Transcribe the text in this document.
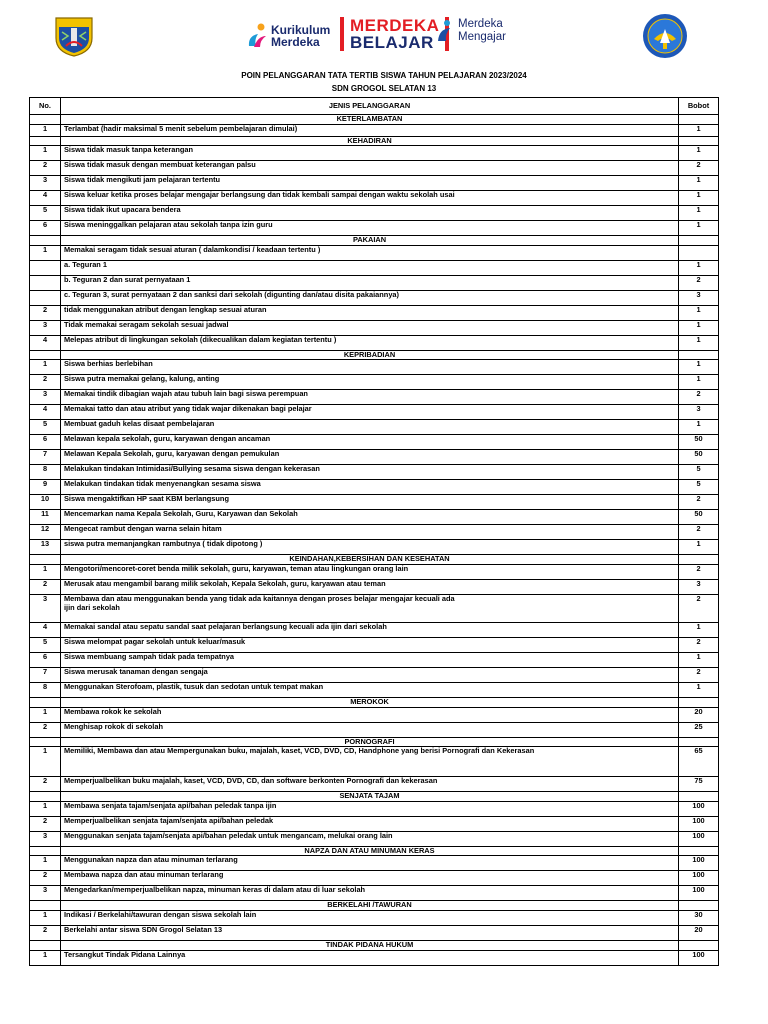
Kurikulum
Merdeka
MERDEKA
BELAJAR
Merdeka
Mengajar
POIN PELANGGARAN TATA TERTIB SISWA TAHUN PELAJARAN 2023/2024
SDN GROGOL SELATAN 13
No.	JENIS PELANGGARAN	Bobot
	KETERLAMBATAN	
1	Terlambat (hadir maksimal 5 menit sebelum pembelajaran dimulai)	1
	KEHADIRAN	
1	Siswa tidak masuk tanpa keterangan	1
2	Siswa tidak masuk dengan membuat keterangan palsu	2
3	Siswa tidak mengikuti jam pelajaran tertentu	1
4	Siswa keluar ketika proses belajar mengajar berlangsung dan tidak kembali sampai dengan waktu sekolah usai	1
5	Siswa tidak ikut upacara bendera	1
6	Siswa meninggalkan pelajaran atau sekolah tanpa izin guru	1
	PAKAIAN	
1	Memakai seragam tidak sesuai aturan ( dalamkondisi / keadaan tertentu )	
	a. Teguran 1	1
	b. Teguran 2 dan surat pernyataan 1	2
	c. Teguran 3, surat pernyataan 2 dan sanksi dari sekolah (digunting dan/atau disita pakaiannya)	3
2	tidak menggunakan atribut dengan lengkap sesuai aturan	1
3	Tidak memakai seragam sekolah sesuai jadwal	1
4	Melepas atribut di lingkungan sekolah (dikecualikan dalam kegiatan tertentu )	1
	KEPRIBADIAN	
1	Siswa berhias berlebihan	1
2	Siswa putra memakai gelang, kalung, anting	1
3	Memakai tindik dibagian wajah atau tubuh lain bagi siswa perempuan	2
4	Memakai tatto dan atau atribut yang tidak wajar dikenakan bagi pelajar	3
5	Membuat gaduh kelas disaat pembelajaran	1
6	Melawan kepala sekolah, guru, karyawan dengan ancaman	50
7	Melawan Kepala Sekolah, guru, karyawan dengan pemukulan	50
8	Melakukan tindakan Intimidasi/Bullying sesama siswa dengan kekerasan	5
9	Melakukan tindakan tidak menyenangkan sesama siswa	5
10	Siswa mengaktifkan HP saat KBM berlangsung	2
11	Mencemarkan nama Kepala Sekolah, Guru, Karyawan dan Sekolah	50
12	Mengecat rambut dengan warna selain hitam	2
13	siswa putra memanjangkan rambutnya ( tidak dipotong )	1
	KEINDAHAN,KEBERSIHAN DAN KESEHATAN	
1	Mengotori/mencoret-coret benda milik sekolah, guru, karyawan, teman atau lingkungan orang lain	2
2	Merusak atau mengambil barang milik sekolah, Kepala Sekolah, guru, karyawan atau teman	3
3	Membawa dan atau menggunakan benda yang tidak ada kaitannya dengan proses belajar mengajar kecuali ada
ijin dari sekolah	2
4	Memakai sandal atau sepatu sandal saat pelajaran berlangsung kecuali ada ijin dari sekolah	1
5	Siswa melompat pagar sekolah untuk keluar/masuk	2
6	Siswa membuang sampah tidak pada tempatnya	1
7	Siswa merusak tanaman dengan sengaja	2
8	Menggunakan Sterofoam, plastik, tusuk dan sedotan untuk tempat makan	1
	MEROKOK	
1	Membawa rokok ke sekolah	20
2	Menghisap rokok di sekolah	25
	PORNOGRAFI	
1	Memiliki, Membawa dan atau Mempergunakan buku, majalah, kaset, VCD, DVD, CD, Handphone yang berisi Pornografi dan Kekerasan	65
2	Memperjualbelikan buku majalah, kaset, VCD, DVD, CD, dan software berkonten Pornografi dan kekerasan	75
	SENJATA TAJAM	
1	Membawa senjata tajam/senjata api/bahan peledak tanpa ijin	100
2	Memperjualbelikan senjata tajam/senjata api/bahan peledak	100
3	Menggunakan senjata tajam/senjata api/bahan peledak untuk mengancam, melukai orang lain	100
	NAPZA DAN ATAU MINUMAN KERAS	
1	Menggunakan napza dan atau minuman terlarang	100
2	Membawa napza dan atau minuman terlarang	100
3	Mengedarkan/memperjualbelikan napza, minuman keras di dalam atau di luar sekolah	100
	BERKELAHI /TAWURAN	
1	Indikasi / Berkelahi/tawuran dengan siswa sekolah lain	30
2	Berkelahi antar siswa SDN Grogol Selatan 13	20
	TINDAK PIDANA HUKUM	
1	Tersangkut Tindak Pidana Lainnya	100
